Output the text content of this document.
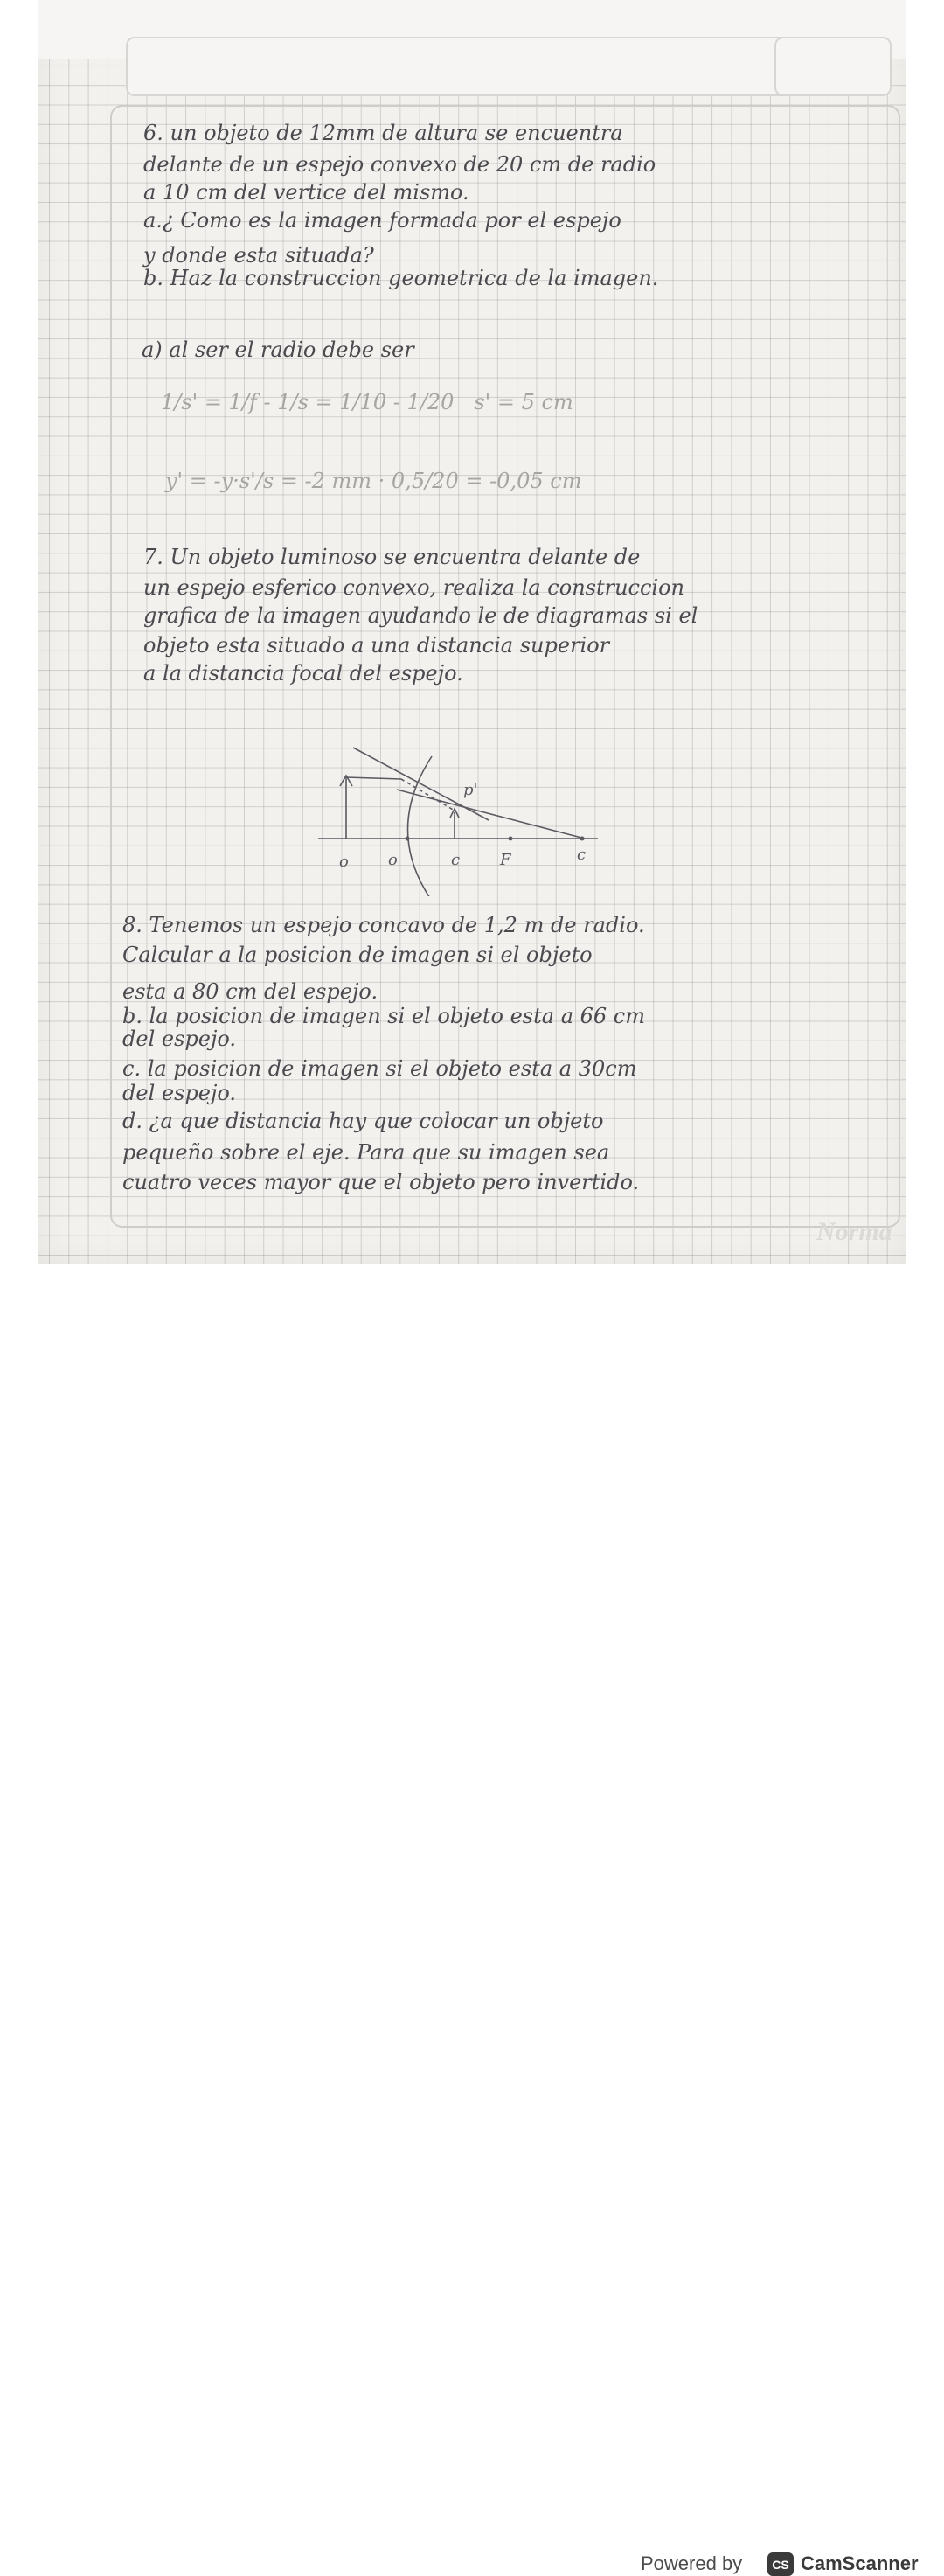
6. un objeto de 12mm de altura se encuentra

delante de un espejo convexo de 20 cm de radio

a 10 cm del vertice del mismo.

a.¿ Como es la imagen formada por el espejo

y donde esta situada?

b. Haz la construccion geometrica de la imagen.

a) al ser el radio debe ser

1/s' = 1/f - 1/s = 1/10 - 1/20   s' = 5 cm

y' = -y·s'/s = -2 mm · 0,5/20 = -0,05 cm

7. Un objeto luminoso se encuentra delante de

un espejo esferico convexo, realiza la construccion

grafica de la imagen ayudando le de diagramas si el

objeto esta situado a una distancia superior

a la distancia focal del espejo.

p'
o	o	c	F	c

8. Tenemos un espejo concavo de 1,2 m de radio.

Calcular a la posicion de imagen si el objeto

esta a 80 cm del espejo.

b. la posicion de imagen si el objeto esta a 66 cm

del espejo.

c. la posicion de imagen si el objeto esta a 30cm

del espejo.

d. ¿a que distancia hay que colocar un objeto

pequeño sobre el eje. Para que su imagen sea

cuatro veces mayor que el objeto pero invertido.

Norma
Powered by	CS CamScanner
